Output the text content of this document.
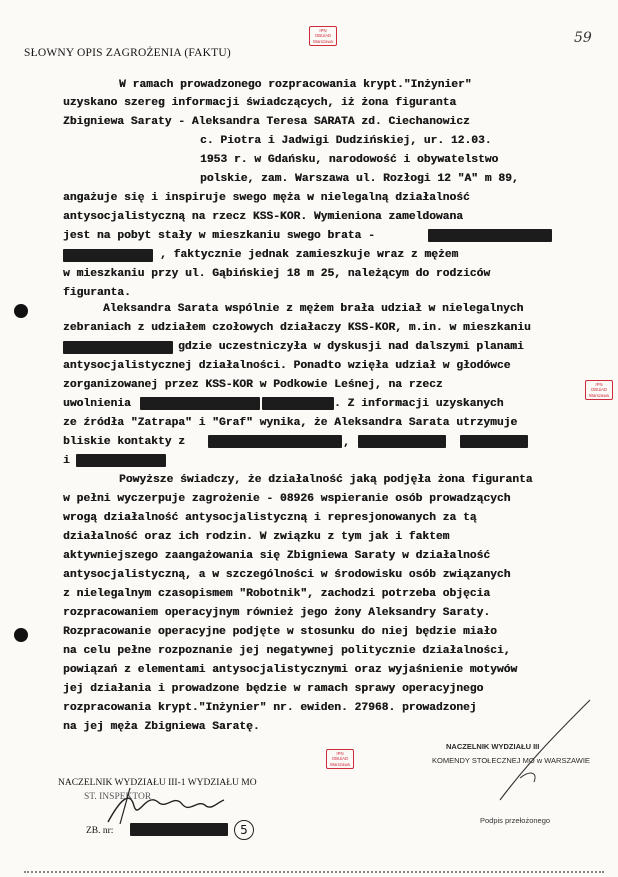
SŁOWNY OPIS ZAGROŻENIA (FAKTU)
59
IPN
OBUiAD
Warszawa
IPN
OBUiAD
Warszawa
IPN
OBUiAD
Warszawa
W ramach prowadzonego rozpracowania krypt."Inżynier"
uzyskano szereg informacji świadczących, iż żona figuranta
Zbigniewa Saraty - Aleksandra Teresa SARATA zd. Ciechanowicz
c. Piotra i Jadwigi Dudzińskiej, ur. 12.03.
1953 r. w Gdańsku, narodowość i obywatelstwo
polskie, zam. Warszawa ul. Rozłogi 12 "A" m 89,
angażuje się i inspiruje swego męża w nielegalną działalność
antysocjalistyczną na rzecz KSS-KOR. Wymieniona zameldowana
jest na pobyt stały w mieszkaniu swego brata -
, faktycznie jednak zamieszkuje wraz z mężem
w mieszkaniu przy ul. Gąbińskiej 18 m 25, należącym do rodziców
figuranta.
Aleksandra Sarata wspólnie z mężem brała udział w nielegalnych
zebraniach z udziałem czołowych działaczy KSS-KOR, m.in. w mieszkaniu
gdzie uczestniczyła w dyskusji nad dalszymi planami
antysocjalistycznej działalności. Ponadto wzięła udział w głodówce
zorganizowanej przez KSS-KOR w Podkowie Leśnej, na rzecz
uwolnienia	. Z informacji uzyskanych
ze źródła "Zatrapa" i "Graf" wynika, że Aleksandra Sarata utrzymuje
bliskie kontakty z	,
i
Powyższe świadczy, że działalność jaką podjęła żona figuranta
w pełni wyczerpuje zagrożenie - 08926 wspieranie osób prowadzących
wrogą działalność antysocjalistyczną i represjonowanych za tą
działalność oraz ich rodzin. W związku z tym jak i faktem
aktywniejszego zaangażowania się Zbigniewa Saraty w działalność
antysocjalistyczną, a w szczególności w środowisku osób związanych
z nielegalnym czasopismem "Robotnik", zachodzi potrzeba objęcia
rozpracowaniem operacyjnym również jego żony Aleksandry Saraty.
Rozpracowanie operacyjne podjęte w stosunku do niej będzie miało
na celu pełne rozpoznanie jej negatywnej politycznie działalności,
powiązań z elementami antysocjalistycznymi oraz wyjaśnienie motywów
jej działania i prowadzone będzie w ramach sprawy operacyjnego
rozpracowania krypt."Inżynier" nr. ewiden. 27968. prowadzonej
na jej męża Zbigniewa Saratę.
NACZELNIK WYDZIAŁU III-1 WYDZIAŁU MO
ST. INSPEKTOR
ZB. nr:	5
NACZELNIK WYDZIAŁU III
KOMENDY STOŁECZNEJ MO w WARSZAWIE
Podpis przełożonego
